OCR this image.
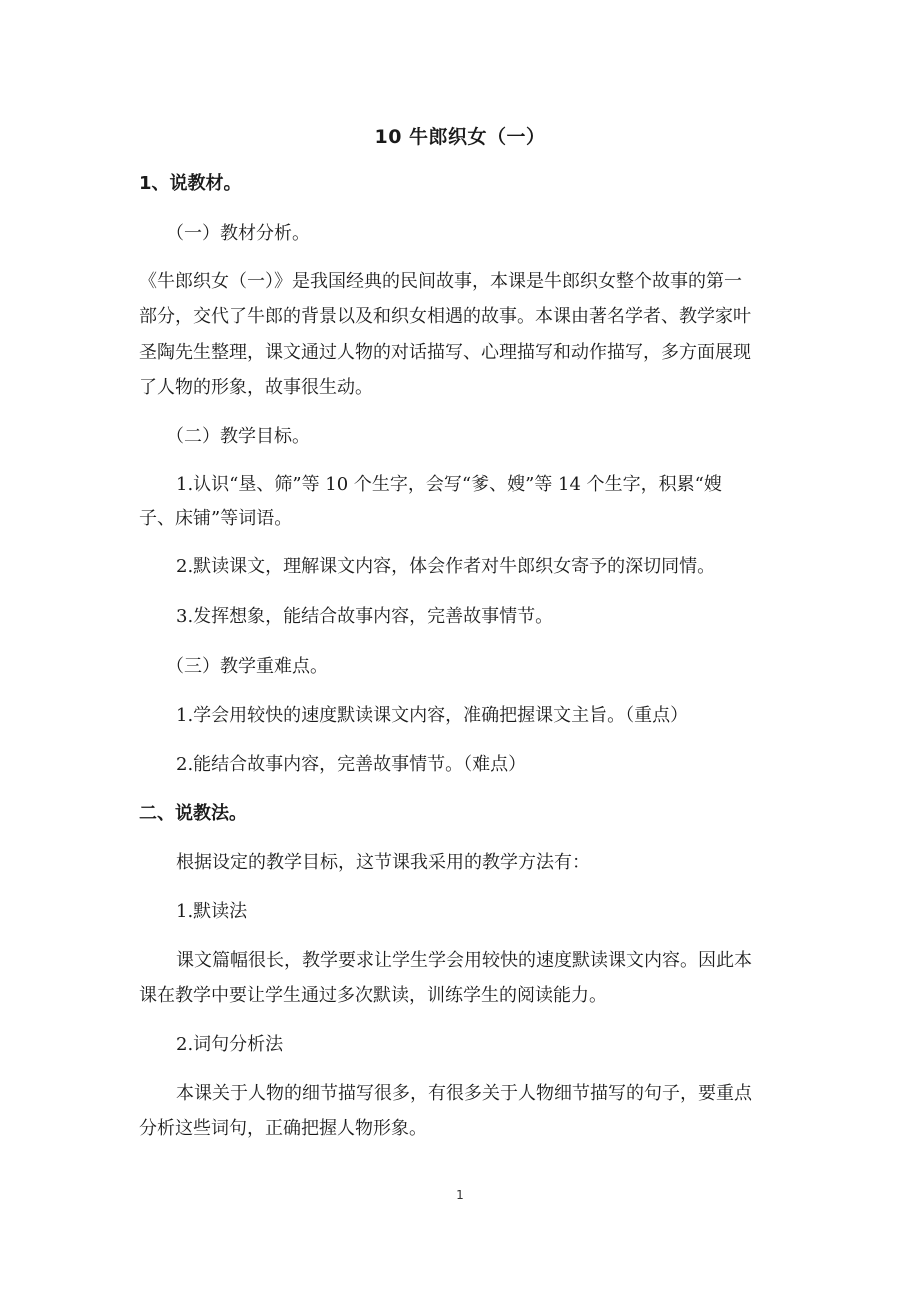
10 牛郎织女（一）
1、说教材。
（一）教材分析。
《牛郎织女（一）》是我国经典的民间故事，本课是牛郎织女整个故事的第一
部分，交代了牛郎的背景以及和织女相遇的故事。本课由著名学者、教学家叶
圣陶先生整理，课文通过人物的对话描写、心理描写和动作描写，多方面展现
了人物的形象，故事很生动。
（二）教学目标。
1.认识“垦、筛”等 10 个生字，会写“爹、嫂”等 14 个生字，积累“嫂
子、床铺”等词语。
2.默读课文，理解课文内容，体会作者对牛郎织女寄予的深切同情。
3.发挥想象，能结合故事内容，完善故事情节。
（三）教学重难点。
1.学会用较快的速度默读课文内容，准确把握课文主旨。（重点）
2.能结合故事内容，完善故事情节。（难点）
二、说教法。
根据设定的教学目标，这节课我采用的教学方法有：
1.默读法
课文篇幅很长，教学要求让学生学会用较快的速度默读课文内容。因此本
课在教学中要让学生通过多次默读，训练学生的阅读能力。
2.词句分析法
本课关于人物的细节描写很多，有很多关于人物细节描写的句子，要重点
分析这些词句，正确把握人物形象。
1
